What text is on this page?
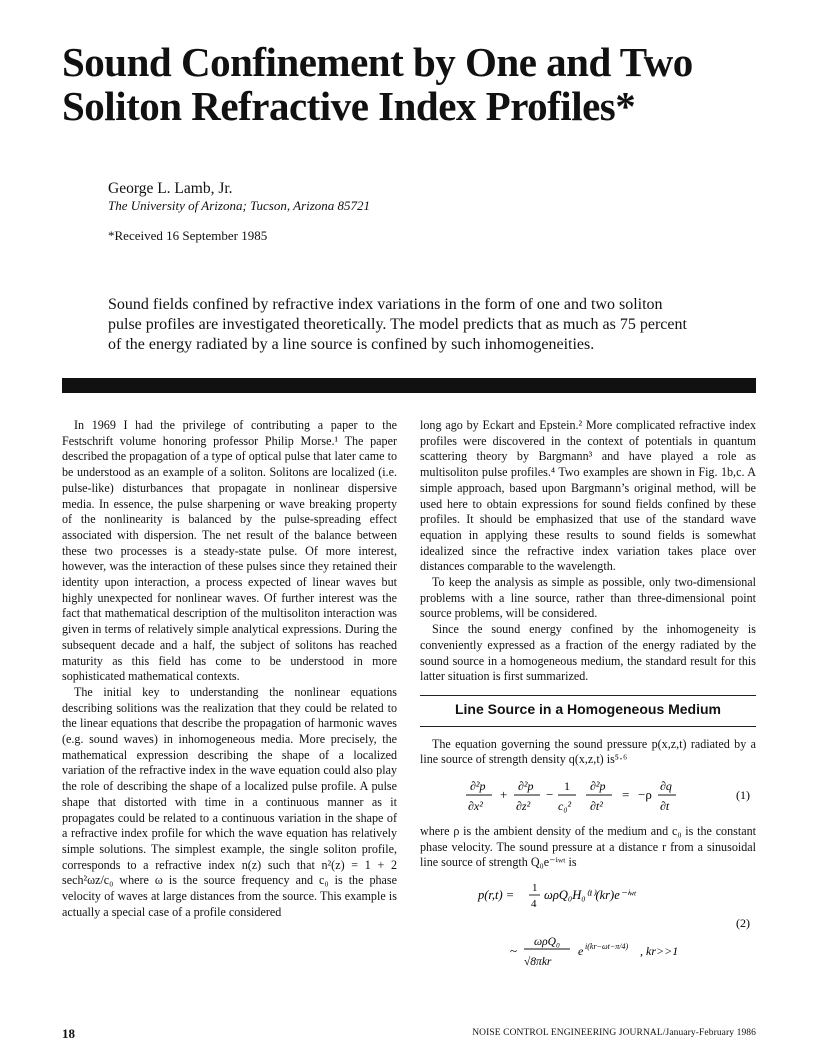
Sound Confinement by One and Two Soliton Refractive Index Profiles*
George L. Lamb, Jr.
The University of Arizona; Tucson, Arizona 85721
*Received 16 September 1985
Sound fields confined by refractive index variations in the form of one and two soliton pulse profiles are investigated theoretically. The model predicts that as much as 75 percent of the energy radiated by a line source is confined by such inhomogeneities.

In 1969 I had the privilege of contributing a paper to the Festschrift volume honoring professor Philip Morse.¹ The paper described the propagation of a type of optical pulse that later came to be understood as an example of a soliton. Solitons are localized (i.e. pulse-like) disturbances that propagate in nonlinear dispersive media. In essence, the pulse sharpening or wave breaking property of the nonlinearity is balanced by the pulse-spreading effect associated with dispersion. The net result of the balance between these two processes is a steady-state pulse. Of more interest, however, was the interaction of these pulses since they retained their identity upon interaction, a process expected of linear waves but highly unexpected for nonlinear waves. Of further interest was the fact that mathematical description of the multisoliton interaction was given in terms of relatively simple analytical expressions. During the subsequent decade and a half, the subject of solitons has reached maturity as this field has come to be understood in more sophisticated mathematical contexts.

The initial key to understanding the nonlinear equations describing solitions was the realization that they could be related to the linear equations that describe the propagation of harmonic waves (e.g. sound waves) in inhomogeneous media. More precisely, the mathematical expression describing the shape of a localized variation of the refractive index in the wave equation could also play the role of describing the shape of a localized pulse profile. A pulse shape that distorted with time in a continuous manner as it propagates could be related to a continuous variation in the shape of a refractive index profile for which the wave equation has relatively simple solutions. The simplest example, the single soliton profile, corresponds to a refractive index n(z) such that n²(z) = 1 + 2 sech²ωz/c₀ where ω is the source frequency and c₀ is the phase velocity of waves at large distances from the source. This example is actually a special case of a profile considered

long ago by Eckart and Epstein.² More complicated refractive index profiles were discovered in the context of potentials in quantum scattering theory by Bargmann³ and have played a role as multisoliton pulse profiles.⁴ Two examples are shown in Fig. 1b,c. A simple approach, based upon Bargmann’s original method, will be used here to obtain expressions for sound fields confined by these profiles. It should be emphasized that use of the standard wave equation in applying these results to sound fields is somewhat idealized since the refractive index variation takes place over distances comparable to the wavelength.

To keep the analysis as simple as possible, only two-dimensional problems with a line source, rather than three-dimensional point source problems, will be considered.

Since the sound energy confined by the inhomogeneity is conveniently expressed as a fraction of the energy radiated by the sound source in a homogeneous medium, the standard result for this latter situation is first summarized.

Line Source in a Homogeneous Medium

The equation governing the sound pressure p(x,z,t) radiated by a line source of strength density q(x,z,t) is⁵·⁶

∂²p
∂x²
+
∂²p
∂z²
−
1
c₀²
∂²p
∂t²
= −ρ
∂q
∂t
(1)

where ρ is the ambient density of the medium and c₀ is the constant phase velocity. The sound pressure at a distance r from a sinusoidal line source of strength Q₀e⁻ⁱʷᵗ is

p(r,t) = 1
4
ωρQ₀H₀⁽¹⁾(kr)e⁻ⁱʷᵗ
(2)
~
ωρQ₀
√8πkr
e i(kr−ωt−π/4) , kr>>1
18	NOISE CONTROL ENGINEERING JOURNAL/January-February 1986
